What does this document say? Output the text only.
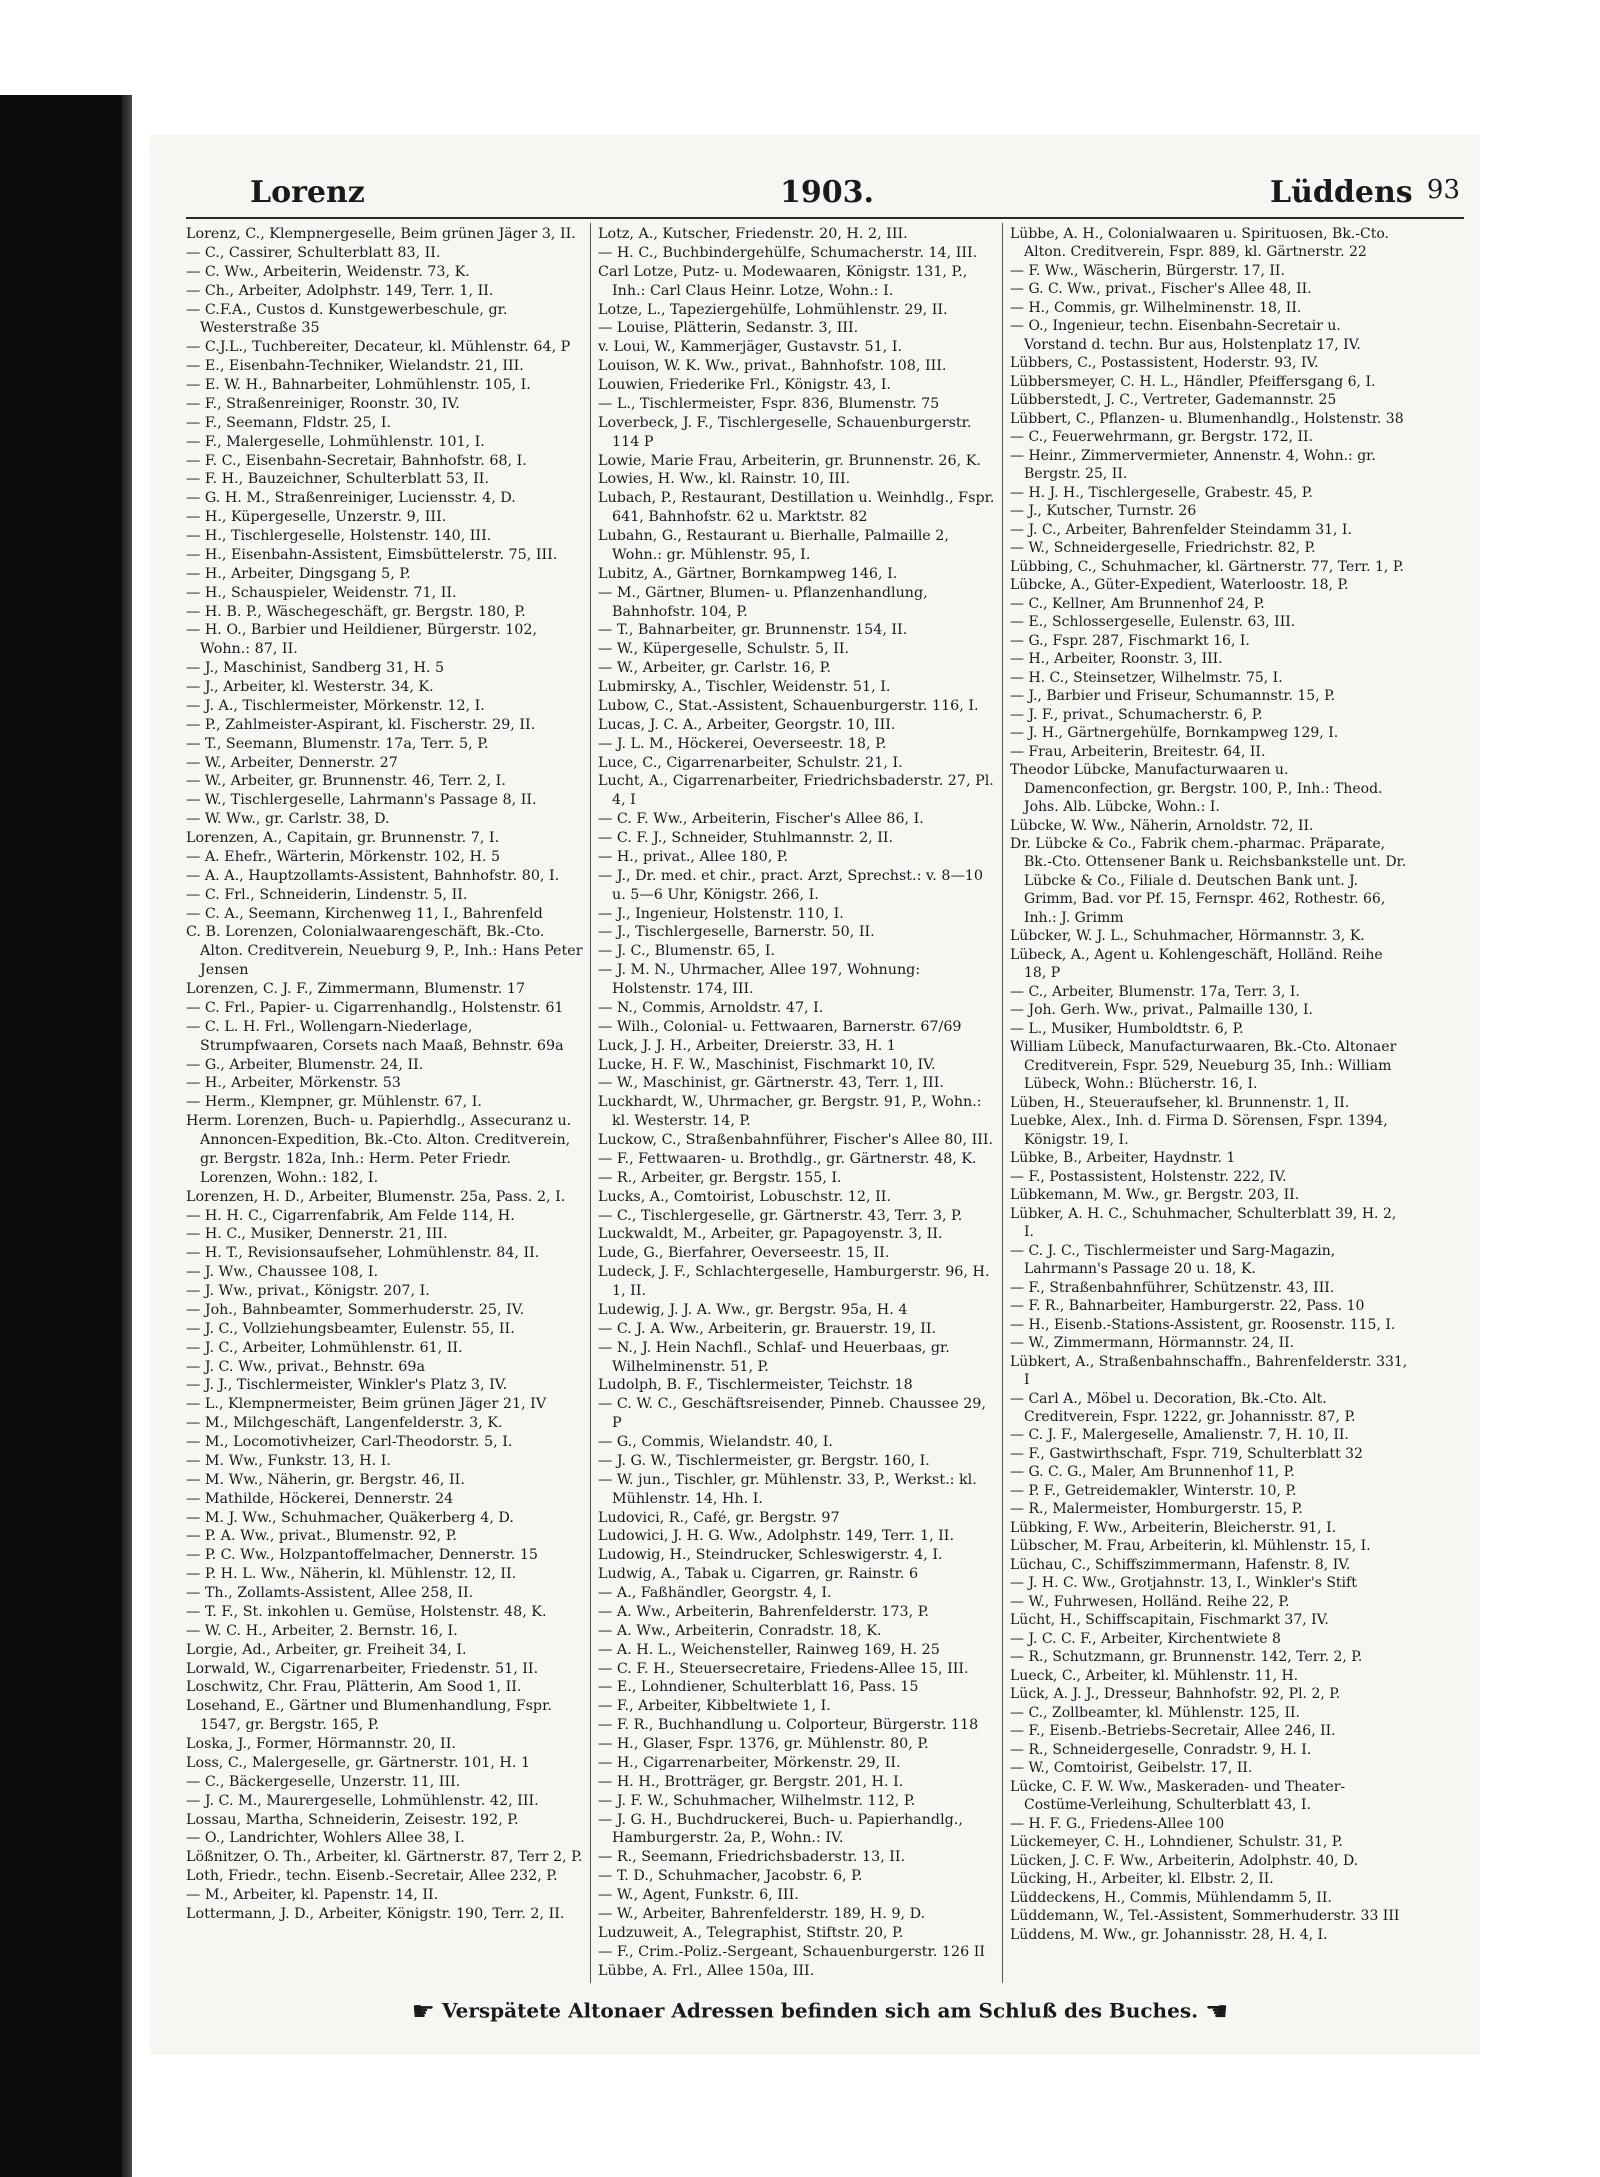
Lorenz	1903.	Lüddens 93
Lorenz, C., Klempnergeselle, Beim grünen Jäger 3, II.
— C., Cassirer, Schulterblatt 83, II.
— C. Ww., Arbeiterin, Weidenstr. 73, K.
— Ch., Arbeiter, Adolphstr. 149, Terr. 1, II.
— C.F.A., Custos d. Kunstgewerbeschule, gr. Westerstraße 35
— C.J.L., Tuchbereiter, Decateur, kl. Mühlenstr. 64, P
— E., Eisenbahn-Techniker, Wielandstr. 21, III.
— E. W. H., Bahnarbeiter, Lohmühlenstr. 105, I.
— F., Straßenreiniger, Roonstr. 30, IV.
— F., Seemann, Fldstr. 25, I.
— F., Malergeselle, Lohmühlenstr. 101, I.
— F. C., Eisenbahn-Secretair, Bahnhofstr. 68, I.
— F. H., Bauzeichner, Schulterblatt 53, II.
— G. H. M., Straßenreiniger, Luciensstr. 4, D.
— H., Küpergeselle, Unzerstr. 9, III.
— H., Tischlergeselle, Holstenstr. 140, III.
— H., Eisenbahn-Assistent, Eimsbüttelerstr. 75, III.
— H., Arbeiter, Dingsgang 5, P.
— H., Schauspieler, Weidenstr. 71, II.
— H. B. P., Wäschegeschäft, gr. Bergstr. 180, P.
— H. O., Barbier und Heildiener, Bürgerstr. 102, Wohn.: 87, II.
— J., Maschinist, Sandberg 31, H. 5
— J., Arbeiter, kl. Westerstr. 34, K.
— J. A., Tischlermeister, Mörkenstr. 12, I.
— P., Zahlmeister-Aspirant, kl. Fischerstr. 29, II.
— T., Seemann, Blumenstr. 17a, Terr. 5, P.
— W., Arbeiter, Dennerstr. 27
— W., Arbeiter, gr. Brunnenstr. 46, Terr. 2, I.
— W., Tischlergeselle, Lahrmann's Passage 8, II.
— W. Ww., gr. Carlstr. 38, D.
Lorenzen, A., Capitain, gr. Brunnenstr. 7, I.
— A. Ehefr., Wärterin, Mörkenstr. 102, H. 5
— A. A., Hauptzollamts-Assistent, Bahnhofstr. 80, I.
— C. Frl., Schneiderin, Lindenstr. 5, II.
— C. A., Seemann, Kirchenweg 11, I., Bahrenfeld
C. B. Lorenzen, Colonialwaarengeschäft, Bk.-Cto. Alton. Creditverein, Neueburg 9, P., Inh.: Hans Peter Jensen
Lorenzen, C. J. F., Zimmermann, Blumenstr. 17
— C. Frl., Papier- u. Cigarrenhandlg., Holstenstr. 61
— C. L. H. Frl., Wollengarn-Niederlage, Strumpfwaaren, Corsets nach Maaß, Behnstr. 69a
— G., Arbeiter, Blumenstr. 24, II.
— H., Arbeiter, Mörkenstr. 53
— Herm., Klempner, gr. Mühlenstr. 67, I.
Herm. Lorenzen, Buch- u. Papierhdlg., Assecuranz u. Annoncen-Expedition, Bk.-Cto. Alton. Creditverein, gr. Bergstr. 182a, Inh.: Herm. Peter Friedr. Lorenzen, Wohn.: 182, I.
Lorenzen, H. D., Arbeiter, Blumenstr. 25a, Pass. 2, I.
— H. H. C., Cigarrenfabrik, Am Felde 114, H.
— H. C., Musiker, Dennerstr. 21, III.
— H. T., Revisionsaufseher, Lohmühlenstr. 84, II.
— J. Ww., Chaussee 108, I.
— J. Ww., privat., Königstr. 207, I.
— Joh., Bahnbeamter, Sommerhuderstr. 25, IV.
— J. C., Vollziehungsbeamter, Eulenstr. 55, II.
— J. C., Arbeiter, Lohmühlenstr. 61, II.
— J. C. Ww., privat., Behnstr. 69a
— J. J., Tischlermeister, Winkler's Platz 3, IV.
— L., Klempnermeister, Beim grünen Jäger 21, IV
— M., Milchgeschäft, Langenfelderstr. 3, K.
— M., Locomotivheizer, Carl-Theodorstr. 5, I.
— M. Ww., Funkstr. 13, H. I.
— M. Ww., Näherin, gr. Bergstr. 46, II.
— Mathilde, Höckerei, Dennerstr. 24
— M. J. Ww., Schuhmacher, Quäkerberg 4, D.
— P. A. Ww., privat., Blumenstr. 92, P.
— P. C. Ww., Holzpantoffelmacher, Dennerstr. 15
— P. H. L. Ww., Näherin, kl. Mühlenstr. 12, II.
— Th., Zollamts-Assistent, Allee 258, II.
— T. F., St. inkohlen u. Gemüse, Holstenstr. 48, K.
— W. C. H., Arbeiter, 2. Bernstr. 16, I.
Lorgie, Ad., Arbeiter, gr. Freiheit 34, I.
Lorwald, W., Cigarrenarbeiter, Friedenstr. 51, II.
Loschwitz, Chr. Frau, Plätterin, Am Sood 1, II.
Losehand, E., Gärtner und Blumenhandlung, Fspr. 1547, gr. Bergstr. 165, P.
Loska, J., Former, Hörmannstr. 20, II.
Loss, C., Malergeselle, gr. Gärtnerstr. 101, H. 1
— C., Bäckergeselle, Unzerstr. 11, III.
— J. C. M., Maurergeselle, Lohmühlenstr. 42, III.
Lossau, Martha, Schneiderin, Zeisestr. 192, P.
— O., Landrichter, Wohlers Allee 38, I.
Lößnitzer, O. Th., Arbeiter, kl. Gärtnerstr. 87, Terr 2, P.
Loth, Friedr., techn. Eisenb.-Secretair, Allee 232, P.
— M., Arbeiter, kl. Papenstr. 14, II.
Lottermann, J. D., Arbeiter, Königstr. 190, Terr. 2, II.
Lotz, A., Kutscher, Friedenstr. 20, H. 2, III.
— H. C., Buchbindergehülfe, Schumacherstr. 14, III.
Carl Lotze, Putz- u. Modewaaren, Königstr. 131, P., Inh.: Carl Claus Heinr. Lotze, Wohn.: I.
Lotze, L., Tapeziergehülfe, Lohmühlenstr. 29, II.
— Louise, Plätterin, Sedanstr. 3, III.
v. Loui, W., Kammerjäger, Gustavstr. 51, I.
Louison, W. K. Ww., privat., Bahnhofstr. 108, III.
Louwien, Friederike Frl., Königstr. 43, I.
— L., Tischlermeister, Fspr. 836, Blumenstr. 75
Loverbeck, J. F., Tischlergeselle, Schauenburgerstr. 114 P
Lowie, Marie Frau, Arbeiterin, gr. Brunnenstr. 26, K.
Lowies, H. Ww., kl. Rainstr. 10, III.
Lubach, P., Restaurant, Destillation u. Weinhdlg., Fspr. 641, Bahnhofstr. 62 u. Marktstr. 82
Lubahn, G., Restaurant u. Bierhalle, Palmaille 2, Wohn.: gr. Mühlenstr. 95, I.
Lubitz, A., Gärtner, Bornkampweg 146, I.
— M., Gärtner, Blumen- u. Pflanzenhandlung, Bahnhofstr. 104, P.
— T., Bahnarbeiter, gr. Brunnenstr. 154, II.
— W., Küpergeselle, Schulstr. 5, II.
— W., Arbeiter, gr. Carlstr. 16, P.
Lubmirsky, A., Tischler, Weidenstr. 51, I.
Lubow, C., Stat.-Assistent, Schauenburgerstr. 116, I.
Lucas, J. C. A., Arbeiter, Georgstr. 10, III.
— J. L. M., Höckerei, Oeverseestr. 18, P.
Luce, C., Cigarrenarbeiter, Schulstr. 21, I.
Lucht, A., Cigarrenarbeiter, Friedrichsbaderstr. 27, Pl. 4, I
— C. F. Ww., Arbeiterin, Fischer's Allee 86, I.
— C. F. J., Schneider, Stuhlmannstr. 2, II.
— H., privat., Allee 180, P.
— J., Dr. med. et chir., pract. Arzt, Sprechst.: v. 8—10 u. 5—6 Uhr, Königstr. 266, I.
— J., Ingenieur, Holstenstr. 110, I.
— J., Tischlergeselle, Barnerstr. 50, II.
— J. C., Blumenstr. 65, I.
— J. M. N., Uhrmacher, Allee 197, Wohnung: Holstenstr. 174, III.
— N., Commis, Arnoldstr. 47, I.
— Wilh., Colonial- u. Fettwaaren, Barnerstr. 67/69
Luck, J. J. H., Arbeiter, Dreierstr. 33, H. 1
Lucke, H. F. W., Maschinist, Fischmarkt 10, IV.
— W., Maschinist, gr. Gärtnerstr. 43, Terr. 1, III.
Luckhardt, W., Uhrmacher, gr. Bergstr. 91, P., Wohn.: kl. Westerstr. 14, P.
Luckow, C., Straßenbahnführer, Fischer's Allee 80, III.
— F., Fettwaaren- u. Brothdlg., gr. Gärtnerstr. 48, K.
— R., Arbeiter, gr. Bergstr. 155, I.
Lucks, A., Comtoirist, Lobuschstr. 12, II.
— C., Tischlergeselle, gr. Gärtnerstr. 43, Terr. 3, P.
Luckwaldt, M., Arbeiter, gr. Papagoyenstr. 3, II.
Lude, G., Bierfahrer, Oeverseestr. 15, II.
Ludeck, J. F., Schlachtergeselle, Hamburgerstr. 96, H. 1, II.
Ludewig, J. J. A. Ww., gr. Bergstr. 95a, H. 4
— C. J. A. Ww., Arbeiterin, gr. Brauerstr. 19, II.
— N., J. Hein Nachfl., Schlaf- und Heuerbaas, gr. Wilhelminenstr. 51, P.
Ludolph, B. F., Tischlermeister, Teichstr. 18
— C. W. C., Geschäftsreisender, Pinneb. Chaussee 29, P
— G., Commis, Wielandstr. 40, I.
— J. G. W., Tischlermeister, gr. Bergstr. 160, I.
— W. jun., Tischler, gr. Mühlenstr. 33, P., Werkst.: kl. Mühlenstr. 14, Hh. I.
Ludovici, R., Café, gr. Bergstr. 97
Ludowici, J. H. G. Ww., Adolphstr. 149, Terr. 1, II.
Ludowig, H., Steindrucker, Schleswigerstr. 4, I.
Ludwig, A., Tabak u. Cigarren, gr. Rainstr. 6
— A., Faßhändler, Georgstr. 4, I.
— A. Ww., Arbeiterin, Bahrenfelderstr. 173, P.
— A. Ww., Arbeiterin, Conradstr. 18, K.
— A. H. L., Weichensteller, Rainweg 169, H. 25
— C. F. H., Steuersecretaire, Friedens-Allee 15, III.
— E., Lohndiener, Schulterblatt 16, Pass. 15
— F., Arbeiter, Kibbeltwiete 1, I.
— F. R., Buchhandlung u. Colporteur, Bürgerstr. 118
— H., Glaser, Fspr. 1376, gr. Mühlenstr. 80, P.
— H., Cigarrenarbeiter, Mörkenstr. 29, II.
— H. H., Brotträger, gr. Bergstr. 201, H. I.
— J. F. W., Schuhmacher, Wilhelmstr. 112, P.
— J. G. H., Buchdruckerei, Buch- u. Papierhandlg., Hamburgerstr. 2a, P., Wohn.: IV.
— R., Seemann, Friedrichsbaderstr. 13, II.
— T. D., Schuhmacher, Jacobstr. 6, P.
— W., Agent, Funkstr. 6, III.
— W., Arbeiter, Bahrenfelderstr. 189, H. 9, D.
Ludzuweit, A., Telegraphist, Stiftstr. 20, P.
— F., Crim.-Poliz.-Sergeant, Schauenburgerstr. 126 II
Lübbe, A. Frl., Allee 150a, III.
Lübbe, A. H., Colonialwaaren u. Spirituosen, Bk.-Cto. Alton. Creditverein, Fspr. 889, kl. Gärtnerstr. 22
— F. Ww., Wäscherin, Bürgerstr. 17, II.
— G. C. Ww., privat., Fischer's Allee 48, II.
— H., Commis, gr. Wilhelminenstr. 18, II.
— O., Ingenieur, techn. Eisenbahn-Secretair u. Vorstand d. techn. Bur aus, Holstenplatz 17, IV.
Lübbers, C., Postassistent, Hoderstr. 93, IV.
Lübbersmeyer, C. H. L., Händler, Pfeiffersgang 6, I.
Lübberstedt, J. C., Vertreter, Gademannstr. 25
Lübbert, C., Pflanzen- u. Blumenhandlg., Holstenstr. 38
— C., Feuerwehrmann, gr. Bergstr. 172, II.
— Heinr., Zimmervermieter, Annenstr. 4, Wohn.: gr. Bergstr. 25, II.
— H. J. H., Tischlergeselle, Grabestr. 45, P.
— J., Kutscher, Turnstr. 26
— J. C., Arbeiter, Bahrenfelder Steindamm 31, I.
— W., Schneidergeselle, Friedrichstr. 82, P.
Lübbing, C., Schuhmacher, kl. Gärtnerstr. 77, Terr. 1, P.
Lübcke, A., Güter-Expedient, Waterloostr. 18, P.
— C., Kellner, Am Brunnenhof 24, P.
— E., Schlossergeselle, Eulenstr. 63, III.
— G., Fspr. 287, Fischmarkt 16, I.
— H., Arbeiter, Roonstr. 3, III.
— H. C., Steinsetzer, Wilhelmstr. 75, I.
— J., Barbier und Friseur, Schumannstr. 15, P.
— J. F., privat., Schumacherstr. 6, P.
— J. H., Gärtnergehülfe, Bornkampweg 129, I.
— Frau, Arbeiterin, Breitestr. 64, II.
Theodor Lübcke, Manufacturwaaren u. Damenconfection, gr. Bergstr. 100, P., Inh.: Theod. Johs. Alb. Lübcke, Wohn.: I.
Lübcke, W. Ww., Näherin, Arnoldstr. 72, II.
Dr. Lübcke & Co., Fabrik chem.-pharmac. Präparate, Bk.-Cto. Ottensener Bank u. Reichsbankstelle unt. Dr. Lübcke & Co., Filiale d. Deutschen Bank unt. J. Grimm, Bad. vor Pf. 15, Fernspr. 462, Rothestr. 66, Inh.: J. Grimm
Lübcker, W. J. L., Schuhmacher, Hörmannstr. 3, K.
Lübeck, A., Agent u. Kohlengeschäft, Holländ. Reihe 18, P
— C., Arbeiter, Blumenstr. 17a, Terr. 3, I.
— Joh. Gerh. Ww., privat., Palmaille 130, I.
— L., Musiker, Humboldtstr. 6, P.
William Lübeck, Manufacturwaaren, Bk.-Cto. Altonaer Creditverein, Fspr. 529, Neueburg 35, Inh.: William Lübeck, Wohn.: Blücherstr. 16, I.
Lüben, H., Steueraufseher, kl. Brunnenstr. 1, II.
Luebke, Alex., Inh. d. Firma D. Sörensen, Fspr. 1394, Königstr. 19, I.
Lübke, B., Arbeiter, Haydnstr. 1
— F., Postassistent, Holstenstr. 222, IV.
Lübkemann, M. Ww., gr. Bergstr. 203, II.
Lübker, A. H. C., Schuhmacher, Schulterblatt 39, H. 2, I.
— C. J. C., Tischlermeister und Sarg-Magazin, Lahrmann's Passage 20 u. 18, K.
— F., Straßenbahnführer, Schützenstr. 43, III.
— F. R., Bahnarbeiter, Hamburgerstr. 22, Pass. 10
— H., Eisenb.-Stations-Assistent, gr. Roosenstr. 115, I.
— W., Zimmermann, Hörmannstr. 24, II.
Lübkert, A., Straßenbahnschaffn., Bahrenfelderstr. 331, I
— Carl A., Möbel u. Decoration, Bk.-Cto. Alt. Creditverein, Fspr. 1222, gr. Johannisstr. 87, P.
— C. J. F., Malergeselle, Amalienstr. 7, H. 10, II.
— F., Gastwirthschaft, Fspr. 719, Schulterblatt 32
— G. C. G., Maler, Am Brunnenhof 11, P.
— P. F., Getreidemakler, Winterstr. 10, P.
— R., Malermeister, Homburgerstr. 15, P.
Lübking, F. Ww., Arbeiterin, Bleicherstr. 91, I.
Lübscher, M. Frau, Arbeiterin, kl. Mühlenstr. 15, I.
Lüchau, C., Schiffszimmermann, Hafenstr. 8, IV.
— J. H. C. Ww., Grotjahnstr. 13, I., Winkler's Stift
— W., Fuhrwesen, Holländ. Reihe 22, P.
Lücht, H., Schiffscapitain, Fischmarkt 37, IV.
— J. C. C. F., Arbeiter, Kirchentwiete 8
— R., Schutzmann, gr. Brunnenstr. 142, Terr. 2, P.
Lueck, C., Arbeiter, kl. Mühlenstr. 11, H.
Lück, A. J. J., Dresseur, Bahnhofstr. 92, Pl. 2, P.
— C., Zollbeamter, kl. Mühlenstr. 125, II.
— F., Eisenb.-Betriebs-Secretair, Allee 246, II.
— R., Schneidergeselle, Conradstr. 9, H. I.
— W., Comtoirist, Geibelstr. 17, II.
Lücke, C. F. W. Ww., Maskeraden- und Theater-Costüme-Verleihung, Schulterblatt 43, I.
— H. F. G., Friedens-Allee 100
Lückemeyer, C. H., Lohndiener, Schulstr. 31, P.
Lücken, J. C. F. Ww., Arbeiterin, Adolphstr. 40, D.
Lücking, H., Arbeiter, kl. Elbstr. 2, II.
Lüddeckens, H., Commis, Mühlendamm 5, II.
Lüddemann, W., Tel.-Assistent, Sommerhuderstr. 33 III
Lüddens, M. Ww., gr. Johannisstr. 28, H. 4, I.
☛ Verspätete Altonaer Adressen befinden sich am Schluß des Buches. ☚
